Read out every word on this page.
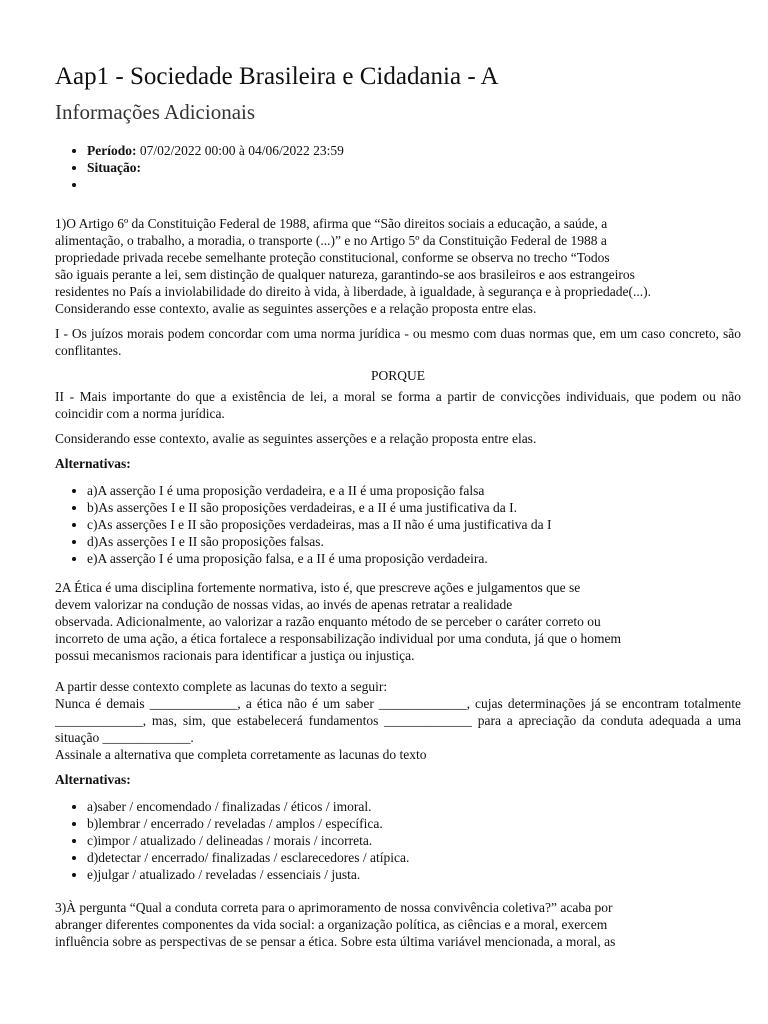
Aap1 - Sociedade Brasileira e Cidadania - A
Informações Adicionais
• Período: 07/02/2022 00:00 à 04/06/2022 23:59
• Situação:
•

1)O Artigo 6º da Constituição Federal de 1988, afirma que “São direitos sociais a educação, a saúde, a

alimentação, o trabalho, a moradia, o transporte (...)” e no Artigo 5º da Constituição Federal de 1988 a

propriedade privada recebe semelhante proteção constitucional, conforme se observa no trecho “Todos

são iguais perante a lei, sem distinção de qualquer natureza, garantindo-se aos brasileiros e aos estrangeiros

residentes no País a inviolabilidade do direito à vida, à liberdade, à igualdade, à segurança e à propriedade(...).

Considerando esse contexto, avalie as seguintes asserções e a relação proposta entre elas.

I - Os juízos morais podem concordar com uma norma jurídica - ou mesmo com duas normas que, em um caso concreto, são conflitantes.

PORQUE

II - Mais importante do que a existência de lei, a moral se forma a partir de convicções individuais, que podem ou não coincidir com a norma jurídica.

Considerando esse contexto, avalie as seguintes asserções e a relação proposta entre elas.

Alternativas:

• a)A asserção I é uma proposição verdadeira, e a II é uma proposição falsa
• b)As asserções I e II são proposições verdadeiras, e a II é uma justificativa da I.
• c)As asserções I e II são proposições verdadeiras, mas a II não é uma justificativa da I
• d)As asserções I e II são proposições falsas.
• e)A asserção I é uma proposição falsa, e a II é uma proposição verdadeira.

2A Ética é uma disciplina fortemente normativa, isto é, que prescreve ações e julgamentos que se

devem valorizar na condução de nossas vidas, ao invés de apenas retratar a realidade

observada. Adicionalmente, ao valorizar a razão enquanto método de se perceber o caráter correto ou

incorreto de uma ação, a ética fortalece a responsabilização individual por uma conduta, já que o homem

possui mecanismos racionais para identificar a justiça ou injustiça.

A partir desse contexto complete as lacunas do texto a seguir:

Nunca é demais _____________, a ética não é um saber _____________, cujas determinações já se encontram totalmente _____________, mas, sim, que estabelecerá fundamentos _____________ para a apreciação da conduta adequada a uma situação _____________.

Assinale a alternativa que completa corretamente as lacunas do texto

Alternativas:

• a)saber / encomendado / finalizadas / éticos / imoral.
• b)lembrar / encerrado / reveladas / amplos / específica.
• c)impor / atualizado / delineadas / morais / incorreta.
• d)detectar / encerrado/ finalizadas / esclarecedores / atípica.
• e)julgar / atualizado / reveladas / essenciais / justa.

3)À pergunta “Qual a conduta correta para o aprimoramento de nossa convivência coletiva?” acaba por

abranger diferentes componentes da vida social: a organização política, as ciências e a moral, exercem

influência sobre as perspectivas de se pensar a ética. Sobre esta última variável mencionada, a moral, as
